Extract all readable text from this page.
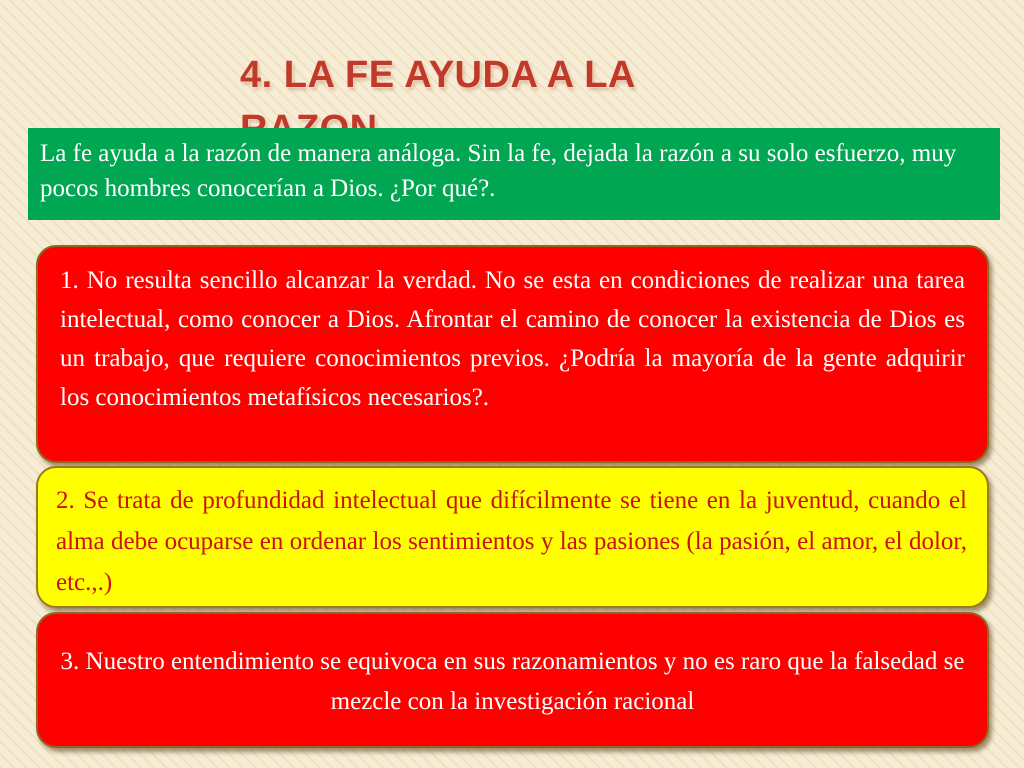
4. LA FE AYUDA A LA
La fe ayuda a la razón de manera análoga. Sin la fe, dejada la razón a su solo esfuerzo, muy pocos hombres conocerían a Dios. ¿Por qué?.

1. No resulta sencillo alcanzar la verdad. No se esta en condiciones de realizar una tarea intelectual, como conocer a Dios. Afrontar el camino de conocer la existencia de Dios es un trabajo, que requiere conocimientos previos. ¿Podría la mayoría de la gente adquirir los conocimientos metafísicos necesarios?.

2. Se trata de profundidad intelectual que difícilmente se tiene en la juventud, cuando el alma debe ocuparse en ordenar los sentimientos y las pasiones (la pasión, el amor, el dolor, etc.,.)

3. Nuestro entendimiento se equivoca en sus razonamientos y no es raro que la falsedad se mezcle con la investigación racional
